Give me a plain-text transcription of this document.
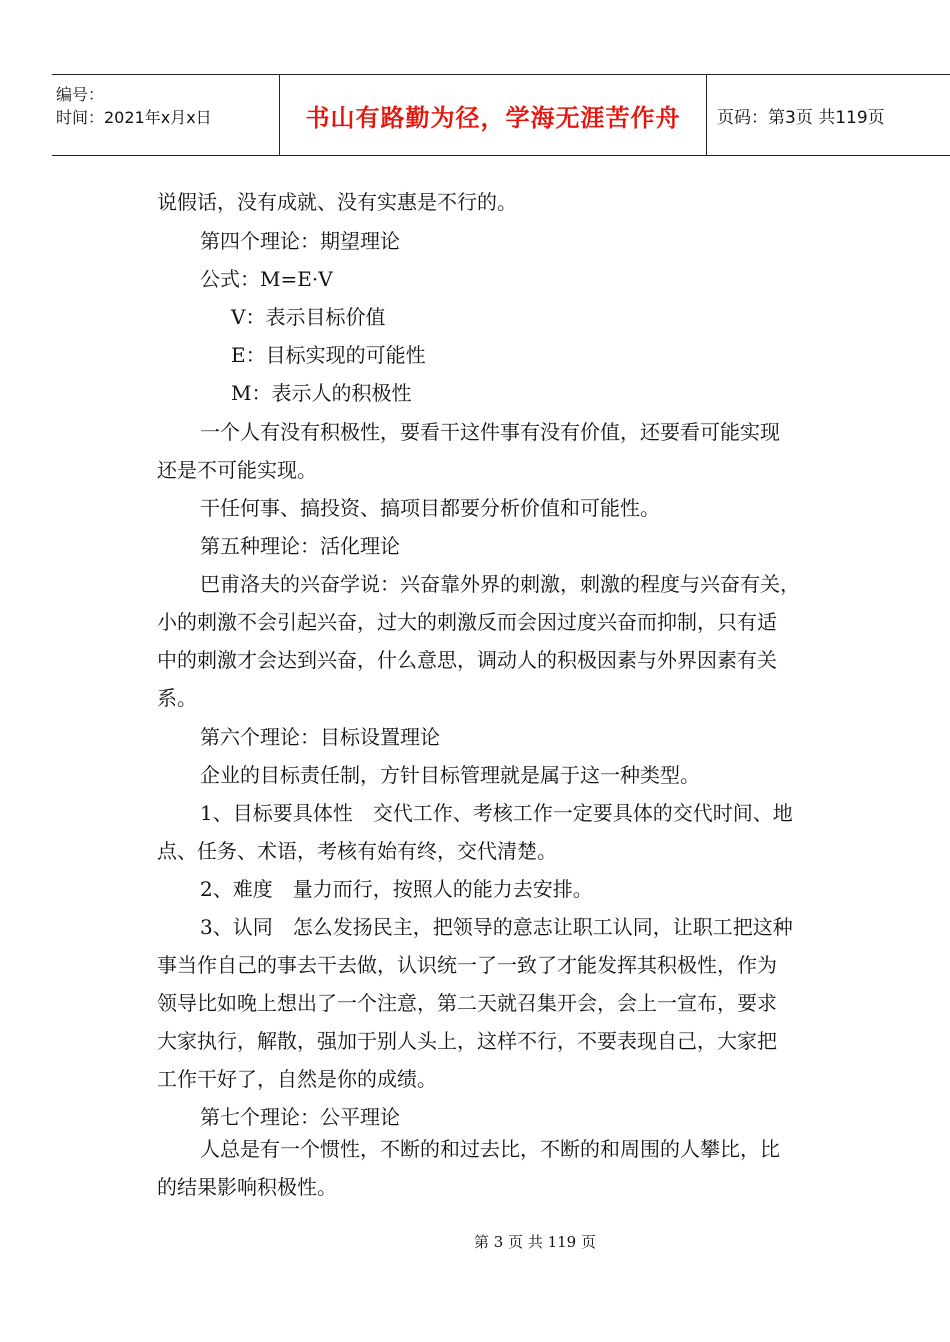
编号：
时间：2021年x月x日	书山有路勤为径，学海无涯苦作舟	页码：第3页 共119页
说假话，没有成就、没有实惠是不行的。
第四个理论：期望理论
公式：M=E·V
V：表示目标价值
E：目标实现的可能性
M：表示人的积极性
一个人有没有积极性，要看干这件事有没有价值，还要看可能实现
还是不可能实现。
干任何事、搞投资、搞项目都要分析价值和可能性。
第五种理论：活化理论
巴甫洛夫的兴奋学说：兴奋靠外界的刺激，刺激的程度与兴奋有关，
小的刺激不会引起兴奋，过大的刺激反而会因过度兴奋而抑制，只有适
中的刺激才会达到兴奋，什么意思，调动人的积极因素与外界因素有关
系。
第六个理论：目标设置理论
企业的目标责任制，方针目标管理就是属于这一种类型。
1、目标要具体性　交代工作、考核工作一定要具体的交代时间、地
点、任务、术语，考核有始有终，交代清楚。
2、难度　量力而行，按照人的能力去安排。
3、认同　怎么发扬民主，把领导的意志让职工认同，让职工把这种
事当作自己的事去干去做，认识统一了一致了才能发挥其积极性，作为
领导比如晚上想出了一个注意，第二天就召集开会，会上一宣布，要求
大家执行，解散，强加于别人头上，这样不行，不要表现自己，大家把
工作干好了，自然是你的成绩。
第七个理论：公平理论
人总是有一个惯性，不断的和过去比，不断的和周围的人攀比，比
的结果影响积极性。
第 3 页 共 119 页
